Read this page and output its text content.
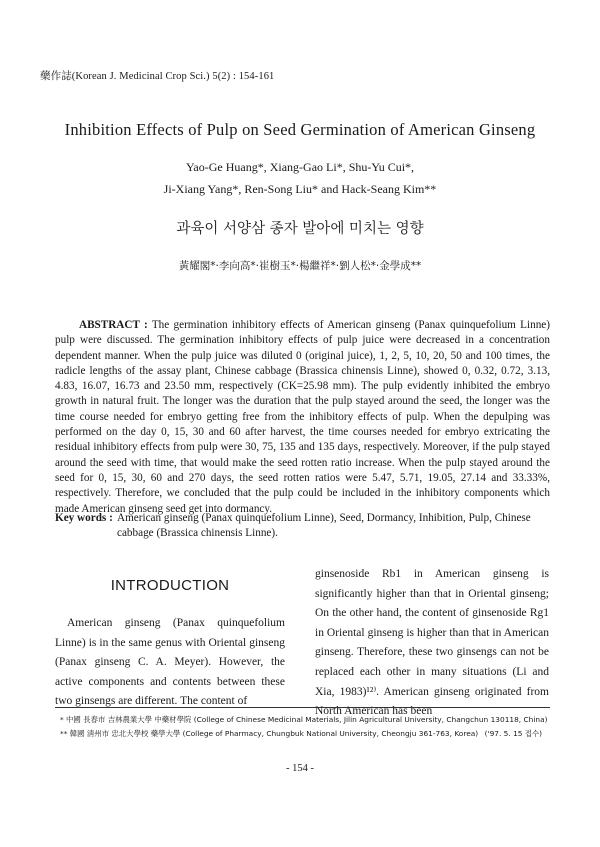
藥作誌(Korean J. Medicinal Crop Sci.) 5(2) : 154-161
Inhibition Effects of Pulp on Seed Germination of American Ginseng
Yao-Ge Huang*, Xiang-Gao Li*, Shu-Yu Cui*,
Ji-Xiang Yang*, Ren-Song Liu* and Hack-Seang Kim**
과육이 서양삼 종자 발아에 미치는 영향
黃耀閣*·李向高*·崔樹玉*·楊繼祥*·劉人松*·金學成**
ABSTRACT : The germination inhibitory effects of American ginseng (Panax quinquefolium Linne) pulp were discussed. The germination inhibitory effects of pulp juice were decreased in a concentration dependent manner. When the pulp juice was diluted 0 (original juice), 1, 2, 5, 10, 20, 50 and 100 times, the radicle lengths of the assay plant, Chinese cabbage (Brassica chinensis Linne), showed 0, 0.32, 0.72, 3.13, 4.83, 16.07, 16.73 and 23.50 mm, respectively (CK=25.98 mm). The pulp evidently inhibited the embryo growth in natural fruit. The longer was the duration that the pulp stayed around the seed, the longer was the time course needed for embryo getting free from the inhibitory effects of pulp. When the depulping was performed on the day 0, 15, 30 and 60 after harvest, the time courses needed for embryo extricating the residual inhibitory effects from pulp were 30, 75, 135 and 135 days, respectively. Moreover, if the pulp stayed around the seed with time, that would make the seed rotten ratio increase. When the pulp stayed around the seed for 0, 15, 30, 60 and 270 days, the seed rotten ratios were 5.47, 5.71, 19.05, 27.14 and 33.33%, respectively. Therefore, we concluded that the pulp could be included in the inhibitory components which made American ginseng seed get into dormancy.
Key words : American ginseng (Panax quinquefolium Linne), Seed, Dormancy, Inhibition, Pulp, Chinese cabbage (Brassica chinensis Linne).
INTRODUCTION
American ginseng (Panax quinquefolium Linne) is in the same genus with Oriental ginseng (Panax ginseng C. A. Meyer). However, the active components and contents between these two ginsengs are different. The content of
ginsenoside Rb1 in American ginseng is significantly higher than that in Oriental ginseng; On the other hand, the content of ginsenoside Rg1 in Oriental ginseng is higher than that in American ginseng. Therefore, these two ginsengs can not be replaced each other in many situations (Li and Xia, 1983)¹²⁾. American ginseng originated from North American has been
* 中國 長春市 吉林農業大學 中藥材學院 (College of Chinese Medicinal Materials, Jilin Agricultural University, Changchun 130118, China)
** 韓國 淸州市 忠北大學校 藥學大學 (College of Pharmacy, Chungbuk National University, Cheongju 361-763, Korea) ('97. 5. 15 접수)
- 154 -
